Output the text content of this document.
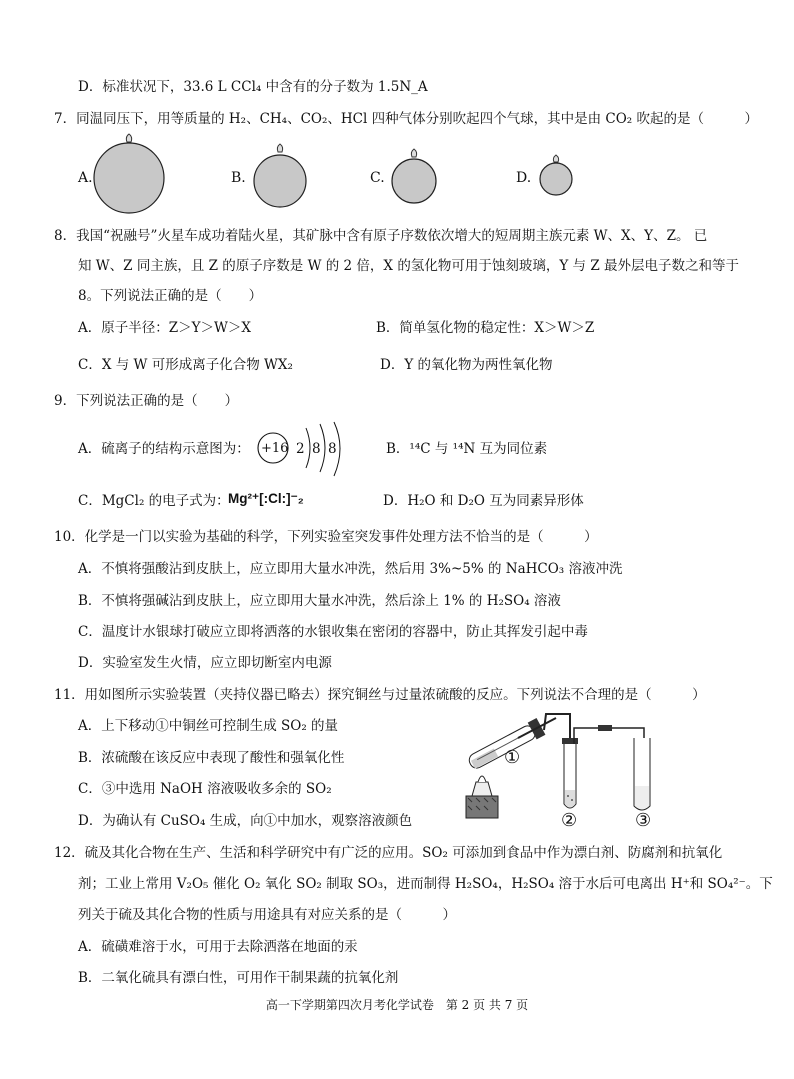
D．标准状况下，33.6 L CCl₄ 中含有的分子数为 1.5N_A
7．同温同压下，用等质量的 H₂、CH₄、CO₂、HCl 四种气体分别吹起四个气球，其中是由 CO₂ 吹起的是（　　　）
A.	B.	C.	D.
8．我国“祝融号”火星车成功着陆火星，其矿脉中含有原子序数依次增大的短周期主族元素 W、X、Y、Z。 已
知 W、Z 同主族，且 Z 的原子序数是 W 的 2 倍，X 的氢化物可用于蚀刻玻璃，Y 与 Z 最外层电子数之和等于
8。下列说法正确的是（　　）
A．原子半径：Z＞Y＞W＞X	B．简单氢化物的稳定性：X＞W＞Z
C．X 与 W 可形成离子化合物 WX₂	D．Y 的氧化物为两性氧化物
9．下列说法正确的是（　　）
A．硫离子的结构示意图为： +16 2 8 8	B．¹⁴C 与 ¹⁴N 互为同位素
C．MgCl₂ 的电子式为：
Mg²⁺[:Cl:]⁻₂	D．H₂O 和 D₂O 互为同素异形体
10．化学是一门以实验为基础的科学，下列实验室突发事件处理方法不恰当的是（　　　）
A．不慎将强酸沾到皮肤上，应立即用大量水冲洗，然后用 3%~5% 的 NaHCO₃ 溶液冲洗
B．不慎将强碱沾到皮肤上，应立即用大量水冲洗，然后涂上 1% 的 H₂SO₄ 溶液
C．温度计水银球打破应立即将洒落的水银收集在密闭的容器中，防止其挥发引起中毒
D．实验室发生火情，应立即切断室内电源
11．用如图所示实验装置（夹持仪器已略去）探究铜丝与过量浓硫酸的反应。下列说法不合理的是（　　　）
A．上下移动①中铜丝可控制生成 SO₂ 的量
B．浓硫酸在该反应中表现了酸性和强氧化性
C．③中选用 NaOH 溶液吸收多余的 SO₂
D．为确认有 CuSO₄ 生成，向①中加水，观察溶液颜色
①
②	③
12．硫及其化合物在生产、生活和科学研究中有广泛的应用。SO₂ 可添加到食品中作为漂白剂、防腐剂和抗氧化
剂；工业上常用 V₂O₅ 催化 O₂ 氧化 SO₂ 制取 SO₃，进而制得 H₂SO₄，H₂SO₄ 溶于水后可电离出 H⁺和 SO₄²⁻。下
列关于硫及其化合物的性质与用途具有对应关系的是（　　　）
A．硫磺难溶于水，可用于去除洒落在地面的汞
B．二氧化硫具有漂白性，可用作干制果蔬的抗氧化剂
高一下学期第四次月考化学试卷　第 2 页 共 7 页
